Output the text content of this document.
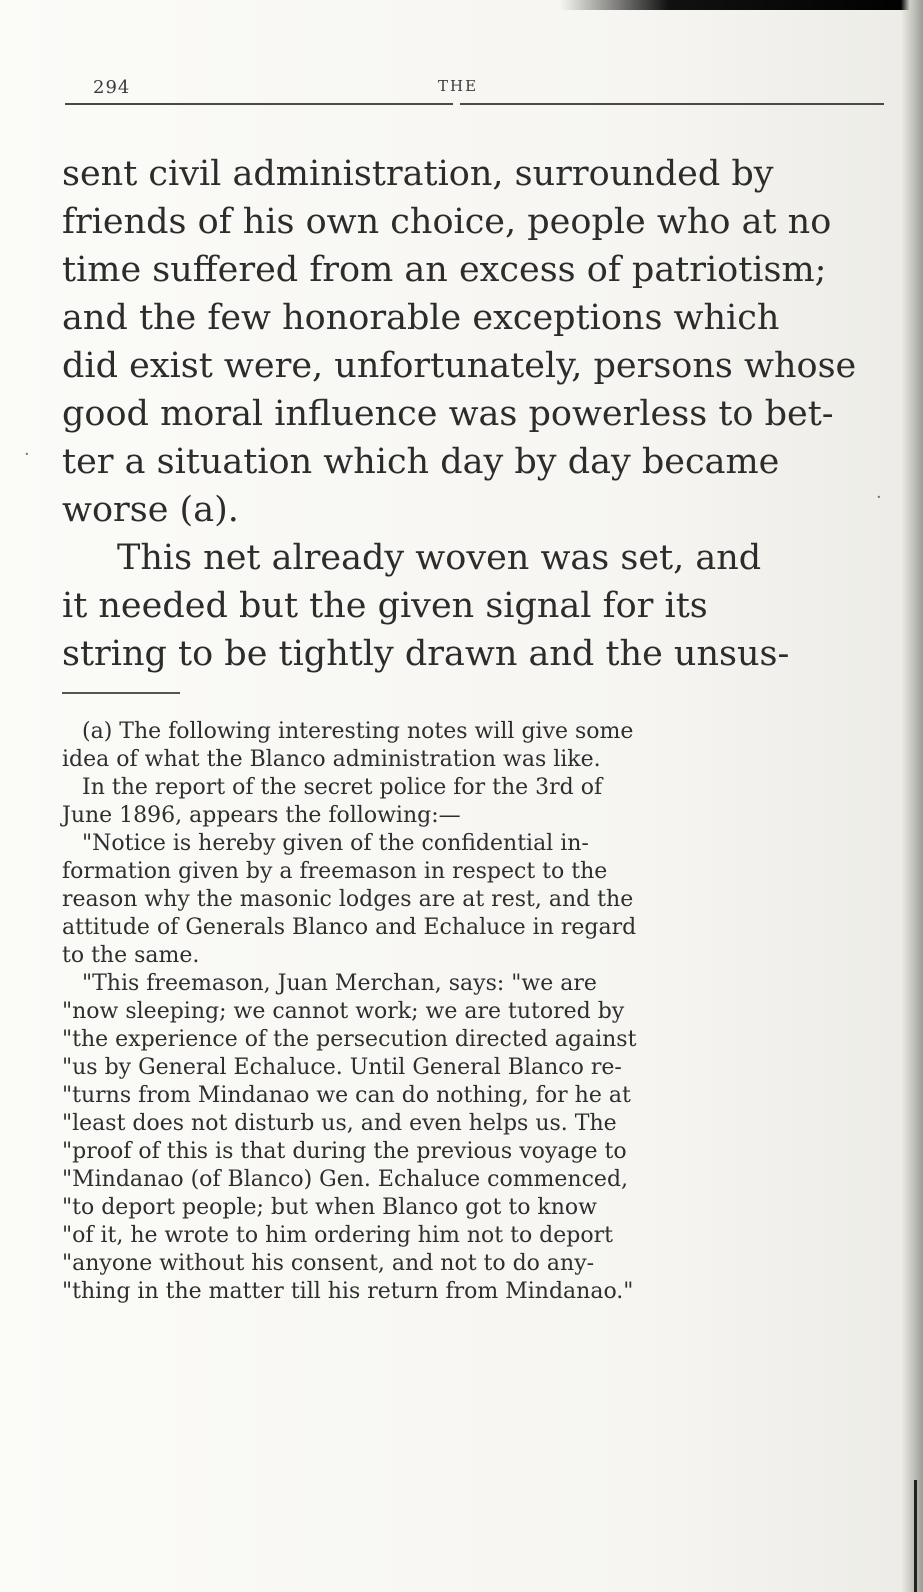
294	THE
sent civil administration, surrounded by
friends of his own choice, people who at no
time suffered from an excess of patriotism;
and the few honorable exceptions which
did exist were, unfortunately, persons whose
good moral influence was powerless to bet-
ter a situation which day by day became
worse (a).
This net already woven was set, and
it needed but the given signal for its
string to be tightly drawn and the unsus-
(a) The following interesting notes will give some
idea of what the Blanco administration was like.
In the report of the secret police for the 3rd of
June 1896, appears the following:—
"Notice is hereby given of the confidential in-
formation given by a freemason in respect to the
reason why the masonic lodges are at rest, and the
attitude of Generals Blanco and Echaluce in regard
to the same.
"This freemason, Juan Merchan, says: "we are
"now sleeping; we cannot work; we are tutored by
"the experience of the persecution directed against
"us by General Echaluce. Until General Blanco re-
"turns from Mindanao we can do nothing, for he at
"least does not disturb us, and even helps us. The
"proof of this is that during the previous voyage to
"Mindanao (of Blanco) Gen. Echaluce commenced,
"to deport people; but when Blanco got to know
"of it, he wrote to him ordering him not to deport
"anyone without his consent, and not to do any-
"thing in the matter till his return from Mindanao."
·
·
